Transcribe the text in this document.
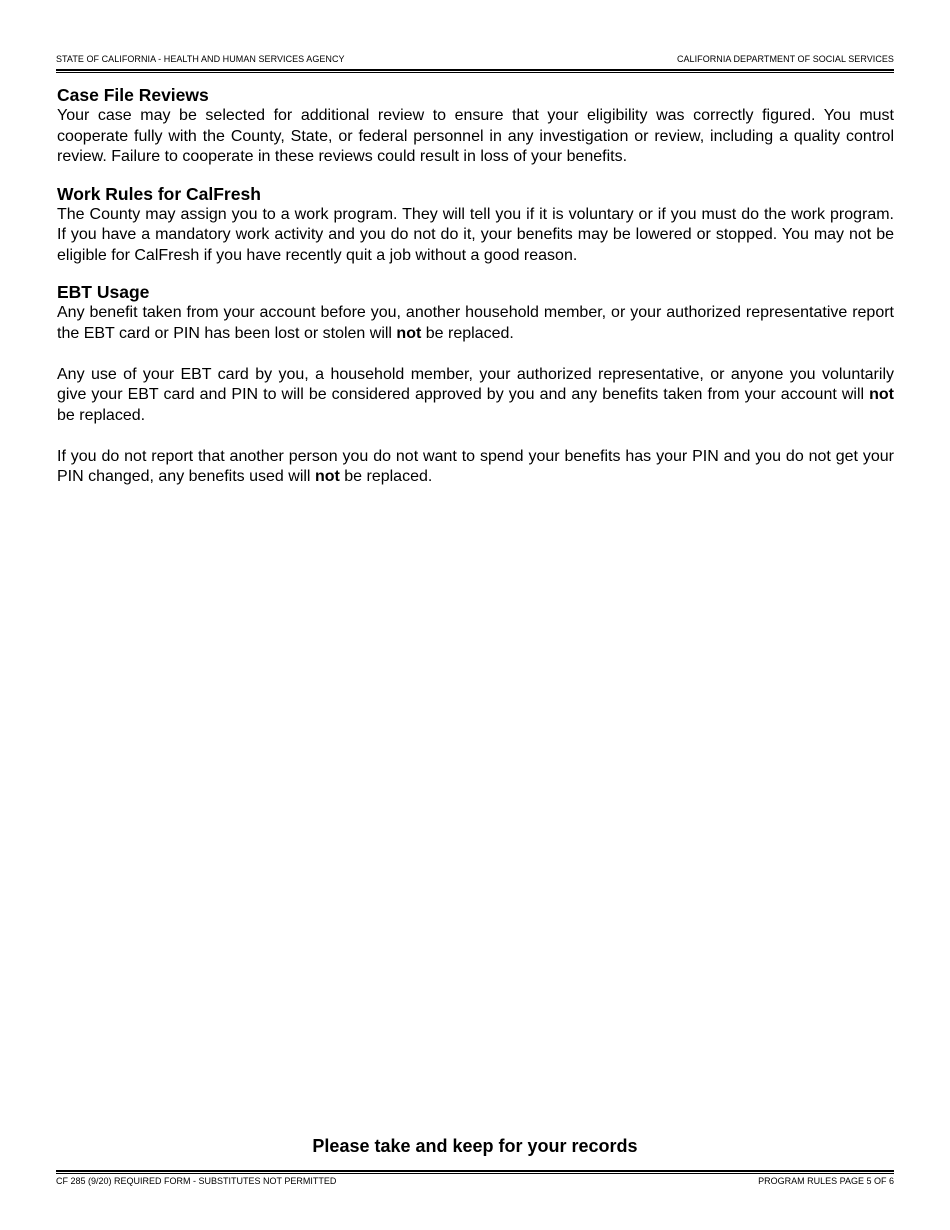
STATE OF CALIFORNIA - HEALTH AND HUMAN SERVICES AGENCY	CALIFORNIA DEPARTMENT OF SOCIAL SERVICES
Case File Reviews

Your case may be selected for additional review to ensure that your eligibility was correctly figured. You must cooperate fully with the County, State, or federal personnel in any investigation or review, including a quality control review. Failure to cooperate in these reviews could result in loss of your benefits.

Work Rules for CalFresh

The County may assign you to a work program. They will tell you if it is voluntary or if you must do the work program. If you have a mandatory work activity and you do not do it, your benefits may be lowered or stopped. You may not be eligible for CalFresh if you have recently quit a job without a good reason.

EBT Usage

Any benefit taken from your account before you, another household member, or your authorized representative report the EBT card or PIN has been lost or stolen will not be replaced.

Any use of your EBT card by you, a household member, your authorized representative, or anyone you voluntarily give your EBT card and PIN to will be considered approved by you and any benefits taken from your account will not be replaced.

If you do not report that another person you do not want to spend your benefits has your PIN and you do not get your PIN changed, any benefits used will not be replaced.

Please take and keep for your records
CF 285 (9/20) REQUIRED FORM - SUBSTITUTES NOT PERMITTED	PROGRAM RULES PAGE 5 OF 6
